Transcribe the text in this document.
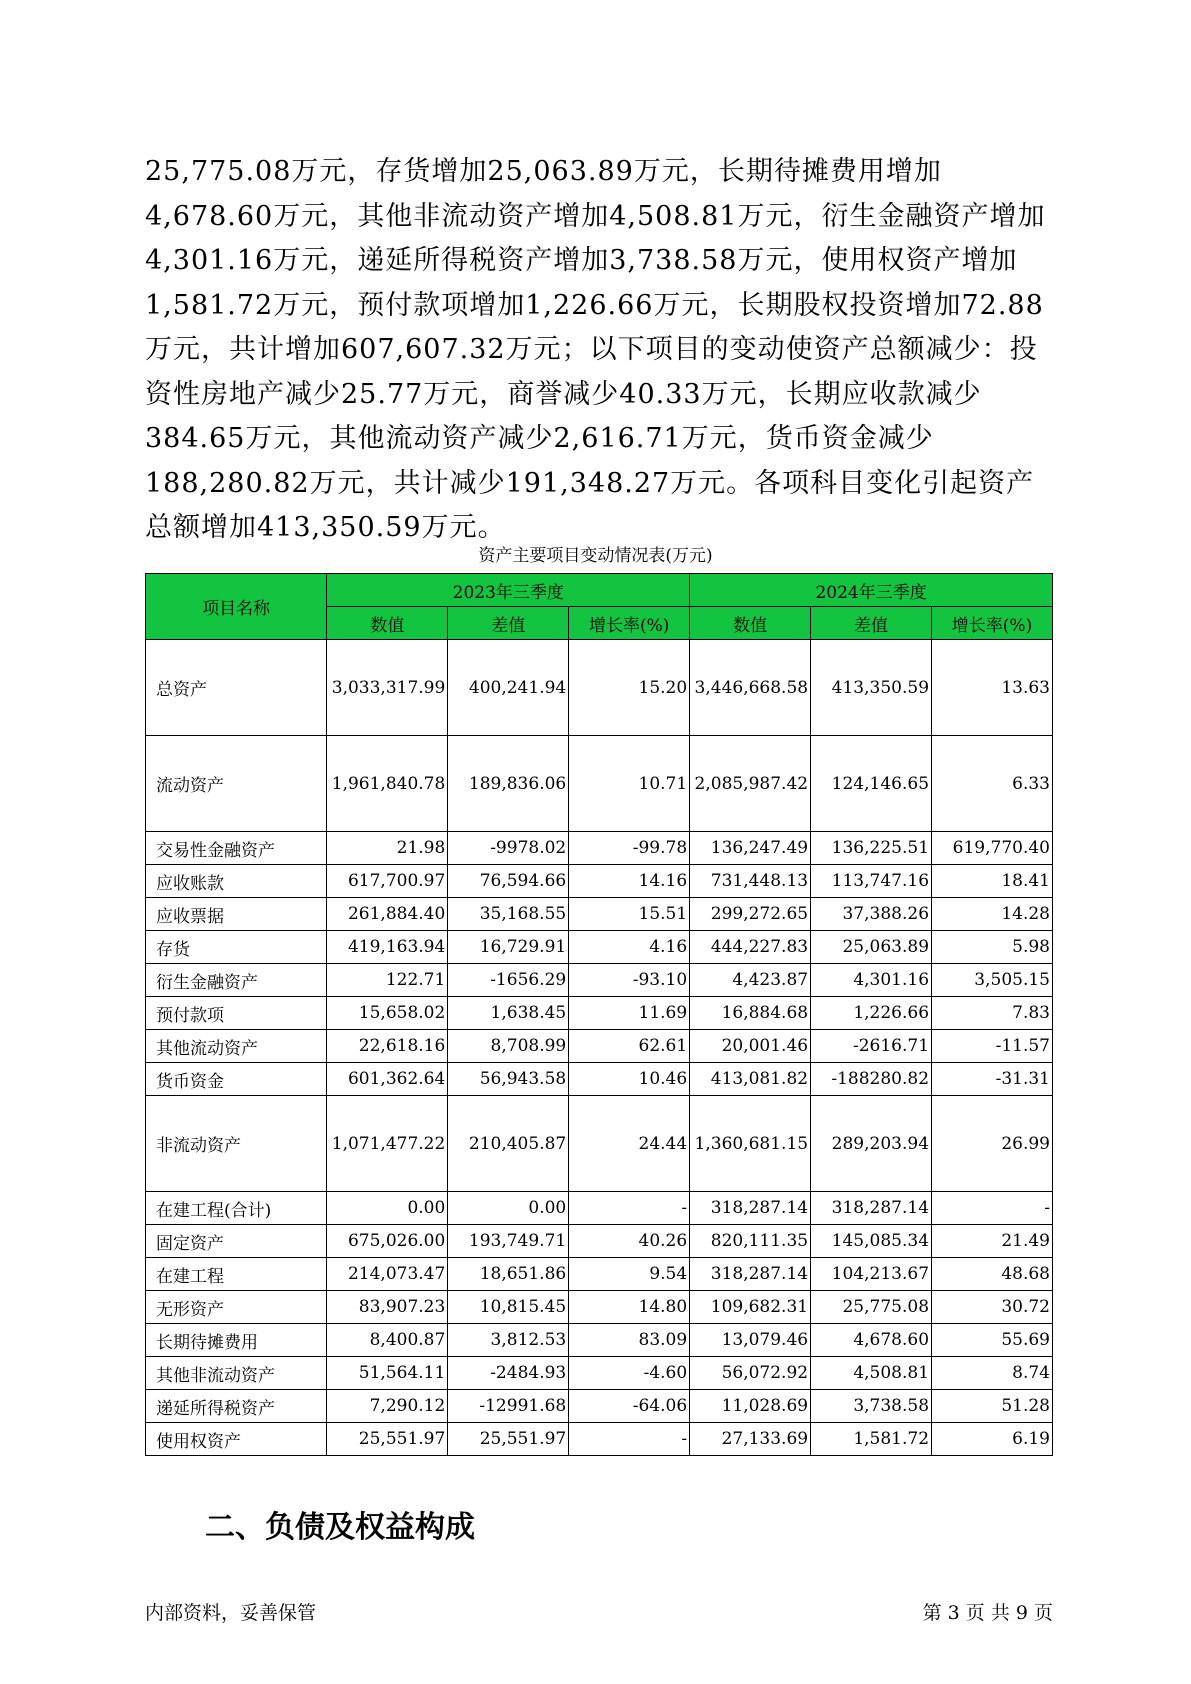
25,775.08万元，存货增加25,063.89万元，长期待摊费用增加4,678.60万元，其他非流动资产增加4,508.81万元，衍生金融资产增加4,301.16万元，递延所得税资产增加3,738.58万元，使用权资产增加1,581.72万元，预付款项增加1,226.66万元，长期股权投资增加72.88万元，共计增加607,607.32万元；以下项目的变动使资产总额减少：投资性房地产减少25.77万元，商誉减少40.33万元，长期应收款减少384.65万元，其他流动资产减少2,616.71万元，货币资金减少188,280.82万元，共计减少191,348.27万元。各项科目变化引起资产总额增加413,350.59万元。

资产主要项目变动情况表(万元)
项目名称	2023年三季度			2024年三季度		
	数值	差值	增长率(%)	数值	差值	增长率(%)
总资产	3,033,317.99	400,241.94	15.20	3,446,668.58	413,350.59	13.63
流动资产	1,961,840.78	189,836.06	10.71	2,085,987.42	124,146.65	6.33
交易性金融资产	21.98	-9978.02	-99.78	136,247.49	136,225.51	619,770.40
应收账款	617,700.97	76,594.66	14.16	731,448.13	113,747.16	18.41
应收票据	261,884.40	35,168.55	15.51	299,272.65	37,388.26	14.28
存货	419,163.94	16,729.91	4.16	444,227.83	25,063.89	5.98
衍生金融资产	122.71	-1656.29	-93.10	4,423.87	4,301.16	3,505.15
预付款项	15,658.02	1,638.45	11.69	16,884.68	1,226.66	7.83
其他流动资产	22,618.16	8,708.99	62.61	20,001.46	-2616.71	-11.57
货币资金	601,362.64	56,943.58	10.46	413,081.82	-188280.82	-31.31
非流动资产	1,071,477.22	210,405.87	24.44	1,360,681.15	289,203.94	26.99
在建工程(合计)	0.00	0.00	-	318,287.14	318,287.14	-
固定资产	675,026.00	193,749.71	40.26	820,111.35	145,085.34	21.49
在建工程	214,073.47	18,651.86	9.54	318,287.14	104,213.67	48.68
无形资产	83,907.23	10,815.45	14.80	109,682.31	25,775.08	30.72
长期待摊费用	8,400.87	3,812.53	83.09	13,079.46	4,678.60	55.69
其他非流动资产	51,564.11	-2484.93	-4.60	56,072.92	4,508.81	8.74
递延所得税资产	7,290.12	-12991.68	-64.06	11,028.69	3,738.58	51.28
使用权资产	25,551.97	25,551.97	-	27,133.69	1,581.72	6.19
二、负债及权益构成
内部资料，妥善保管	第 3 页 共 9 页
